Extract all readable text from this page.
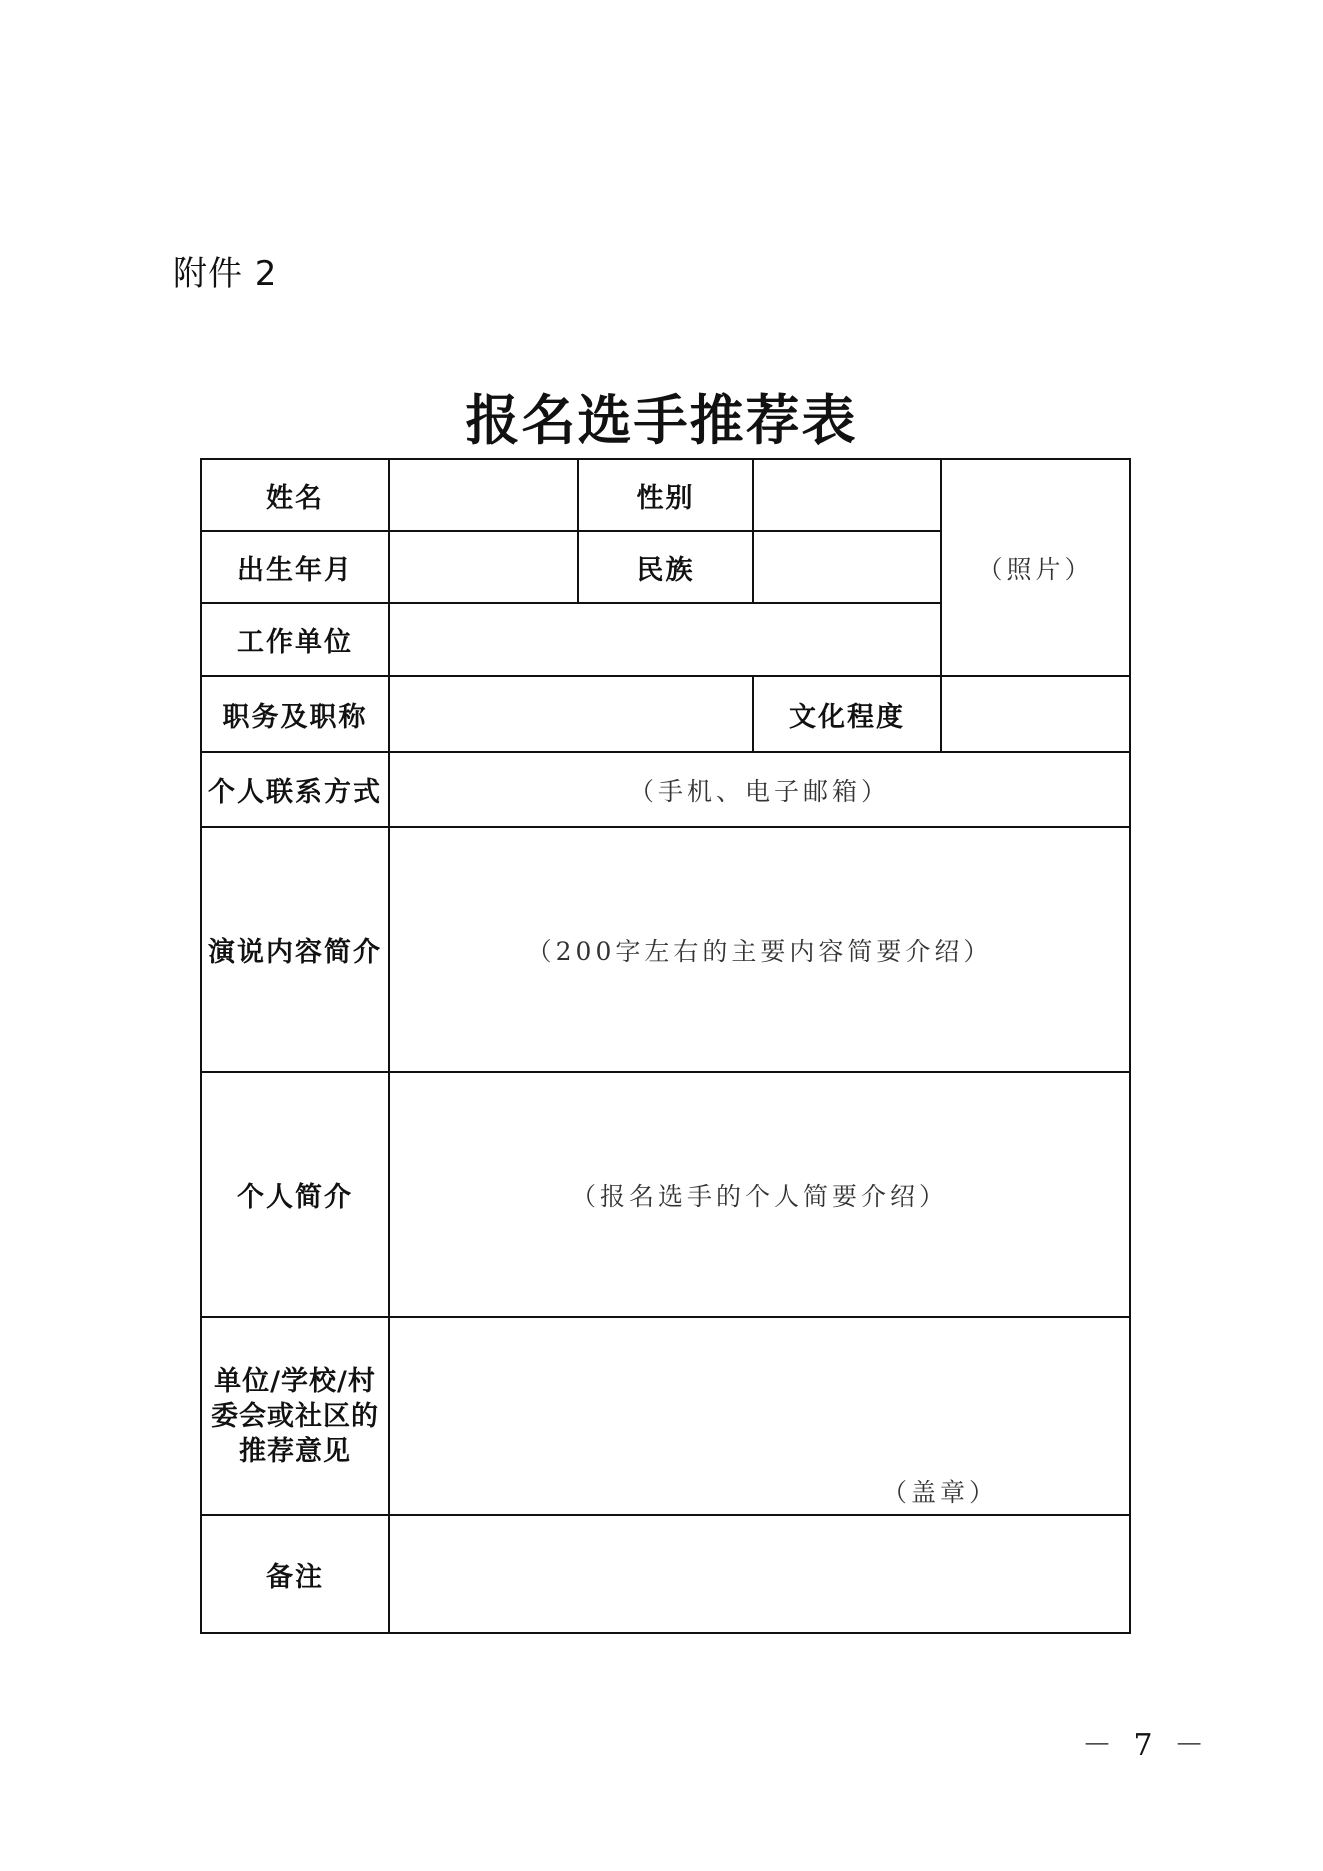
附件 2
报名选手推荐表
姓名		性别		（照片）
出生年月		民族		
工作单位				
职务及职称			文化程度	
个人联系方式	（手机、电子邮箱）			
演说内容简介	（200字左右的主要内容简要介绍）			
个人简介	（报名选手的个人简要介绍）			

单位/学校/村
委会或社区的
推荐意见	（盖章）			

备注				
－ 7 －
